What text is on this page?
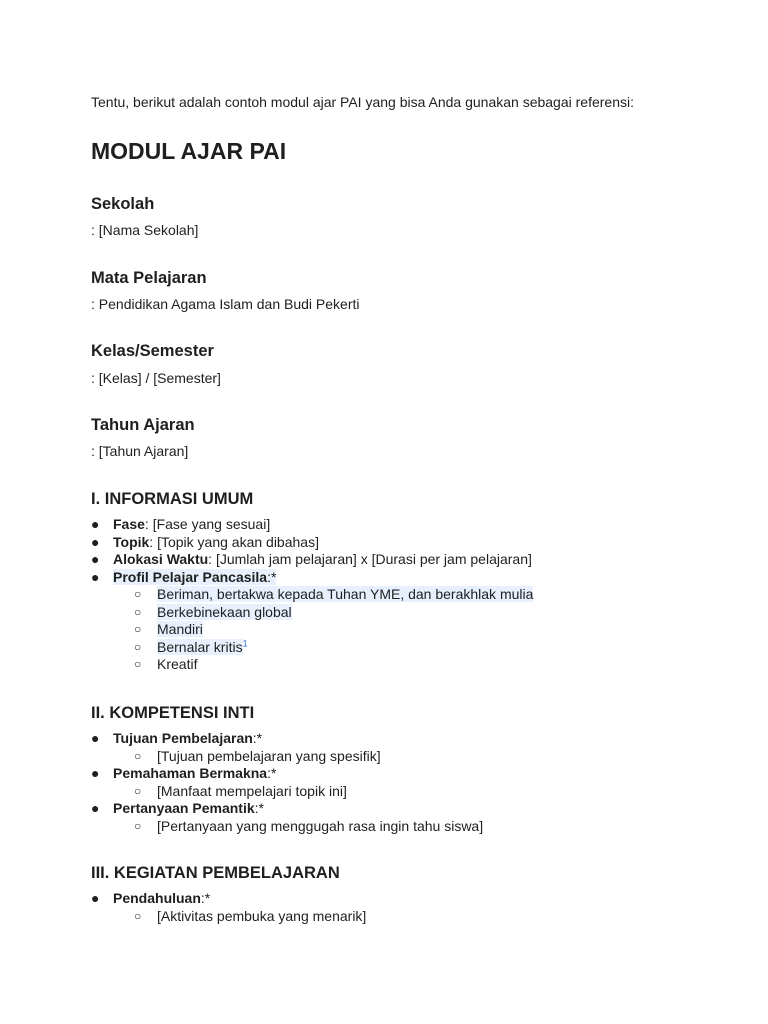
Tentu, berikut adalah contoh modul ajar PAI yang bisa Anda gunakan sebagai referensi:
MODUL AJAR PAI
Sekolah
: [Nama Sekolah]
Mata Pelajaran
: Pendidikan Agama Islam dan Budi Pekerti
Kelas/Semester
: [Kelas] / [Semester]
Tahun Ajaran
: [Tahun Ajaran]
I. INFORMASI UMUM
● Fase: [Fase yang sesuai]
● Topik: [Topik yang akan dibahas]
● Alokasi Waktu: [Jumlah jam pelajaran] x [Durasi per jam pelajaran]
● Profil Pelajar Pancasila:*
○ Beriman, bertakwa kepada Tuhan YME, dan berakhlak mulia
○ Berkebinekaan global
○ Mandiri
○ Bernalar kritis$^1$
○ Kreatif
II. KOMPETENSI INTI
● Tujuan Pembelajaran:*
○ [Tujuan pembelajaran yang spesifik]
● Pemahaman Bermakna:*
○ [Manfaat mempelajari topik ini]
● Pertanyaan Pemantik:*
○ [Pertanyaan yang menggugah rasa ingin tahu siswa]
III. KEGIATAN PEMBELAJARAN
● Pendahuluan:*
○ [Aktivitas pembuka yang menarik]
